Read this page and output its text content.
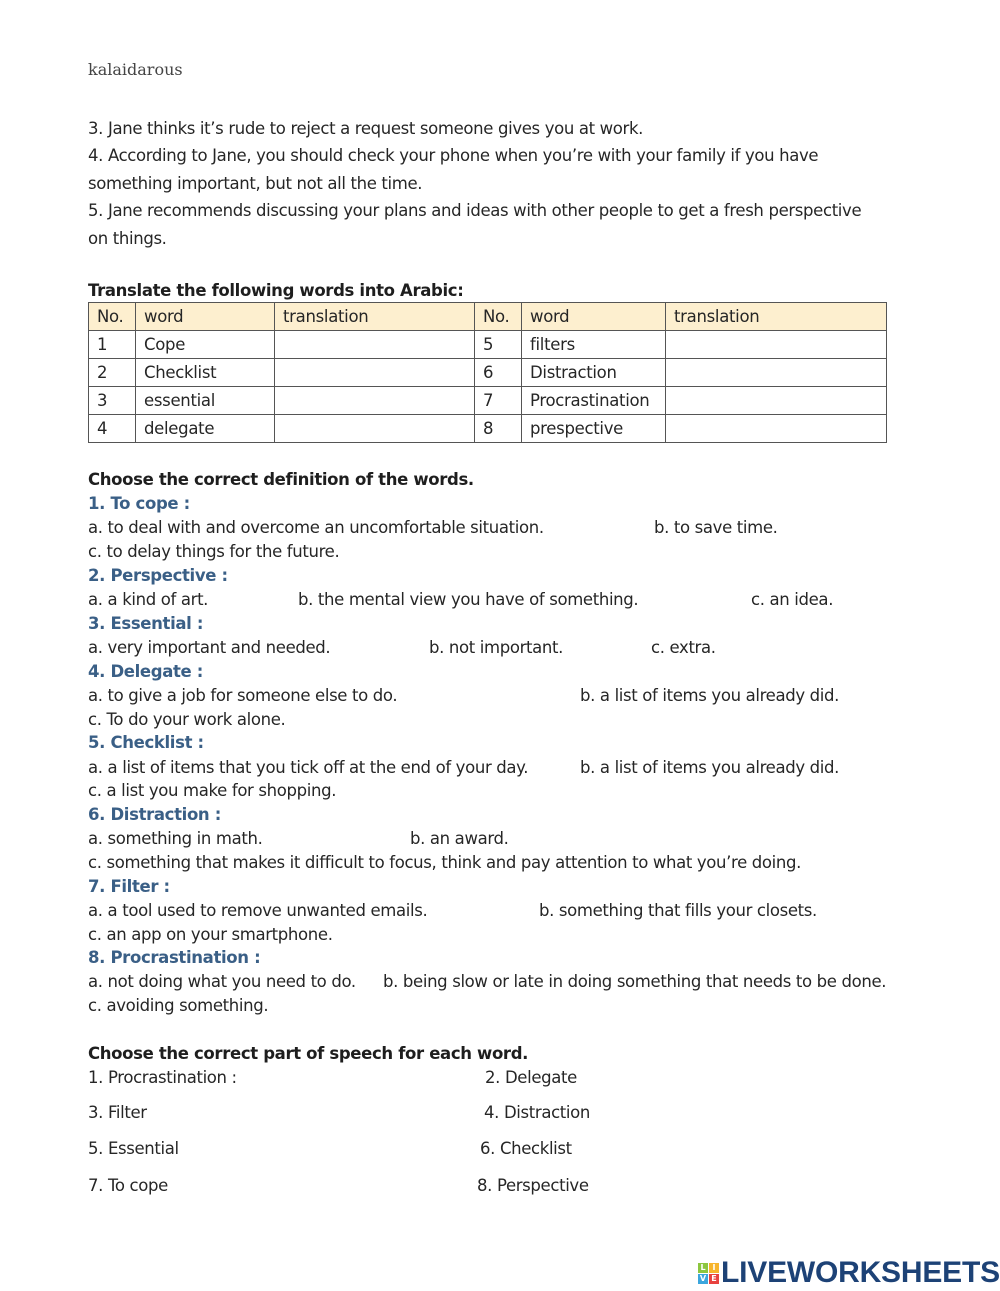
kalaidarous
3. Jane thinks it’s rude to reject a request someone gives you at work.
4. According to Jane, you should check your phone when you’re with your family if you have
something important, but not all the time.
5. Jane recommends discussing your plans and ideas with other people to get a fresh perspective
on things.
Translate the following words into Arabic:
No.	word	translation	No.	word	translation
1	Cope		5	filters	
2	Checklist		6	Distraction	
3	essential		7	Procrastination	
4	delegate		8	prespective	
Choose the correct definition of the words.
1. To cope :
a. to deal with and overcome an uncomfortable situation.	b. to save time.
c. to delay things for the future.
2. Perspective :
a. a kind of art.	b. the mental view you have of something.	c. an idea.
3. Essential :
a. very important and needed.	b. not important.	c. extra.
4. Delegate :
a. to give a job for someone else to do.	b. a list of items you already did.
c. To do your work alone.
5. Checklist :
a. a list of items that you tick off at the end of your day.	b. a list of items you already did.
c. a list you make for shopping.
6. Distraction :
a. something in math.	b. an award.
c. something that makes it difficult to focus, think and pay attention to what you’re doing.
7. Filter :
a. a tool used to remove unwanted emails.	b. something that fills your closets.
c. an app on your smartphone.
8. Procrastination :
a. not doing what you need to do. b. being slow or late in doing something that needs to be done.
c. avoiding something.
Choose the correct part of speech for each word.
1. Procrastination :	2. Delegate
3. Filter	4. Distraction
5. Essential	6. Checklist
7. To cope	8. Perspective
L I
V E LIVEWORKSHEETS
